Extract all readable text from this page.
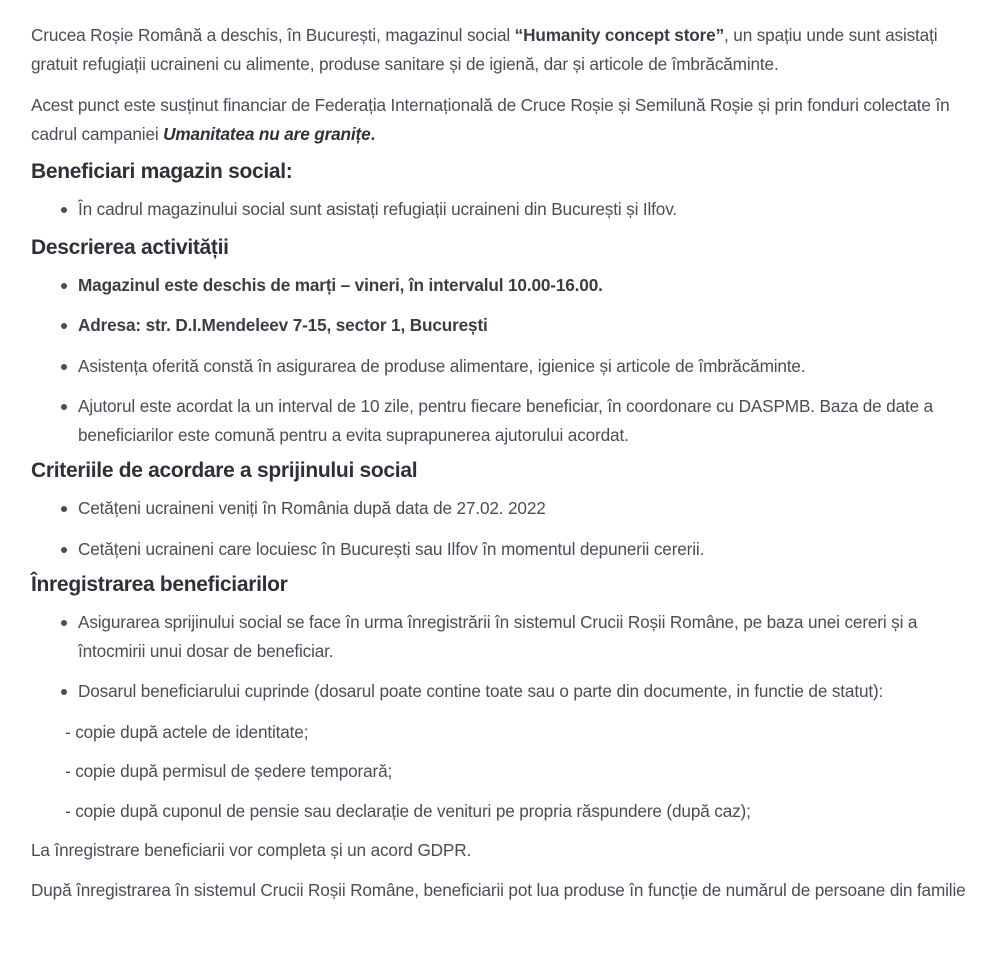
Crucea Roșie Română a deschis, în București, magazinul social “Humanity concept store”, un spațiu unde sunt asistați gratuit refugiații ucraineni cu alimente, produse sanitare și de igienă, dar și articole de îmbrăcăminte.

Acest punct este susținut financiar de Federația Internațională de Cruce Roșie și Semilună Roșie și prin fonduri colectate în cadrul campaniei Umanitatea nu are granițe.

Beneficiari magazin social:
În cadrul magazinului social sunt asistați refugiații ucraineni din București și Ilfov.
Descrierea activității
Magazinul este deschis de marți – vineri, în intervalul 10.00-16.00.
Adresa: str. D.I.Mendeleev 7-15, sector 1, București
Asistența oferită constă în asigurarea de produse alimentare, igienice și articole de îmbrăcăminte.
Ajutorul este acordat la un interval de 10 zile, pentru fiecare beneficiar, în coordonare cu DASPMB. Baza de date a beneficiarilor este comună pentru a evita suprapunerea ajutorului acordat.
Criteriile de acordare a sprijinului social
Cetățeni ucraineni veniți în România după data de 27.02. 2022
Cetățeni ucraineni care locuiesc în București sau Ilfov în momentul depunerii cererii.
Înregistrarea beneficiarilor
Asigurarea sprijinului social se face în urma înregistrării în sistemul Crucii Roșii Române, pe baza unei cereri și a întocmirii unui dosar de beneficiar.
Dosarul beneficiarului cuprinde (dosarul poate contine toate sau o parte din documente, in functie de statut):

- copie după actele de identitate;

- copie după permisul de ședere temporară;

- copie după cuponul de pensie sau declarație de venituri pe propria răspundere (după caz);

La înregistrare beneficiarii vor completa și un acord GDPR.

După înregistrarea în sistemul Crucii Roșii Române, beneficiarii pot lua produse în funcție de numărul de persoane din familie
